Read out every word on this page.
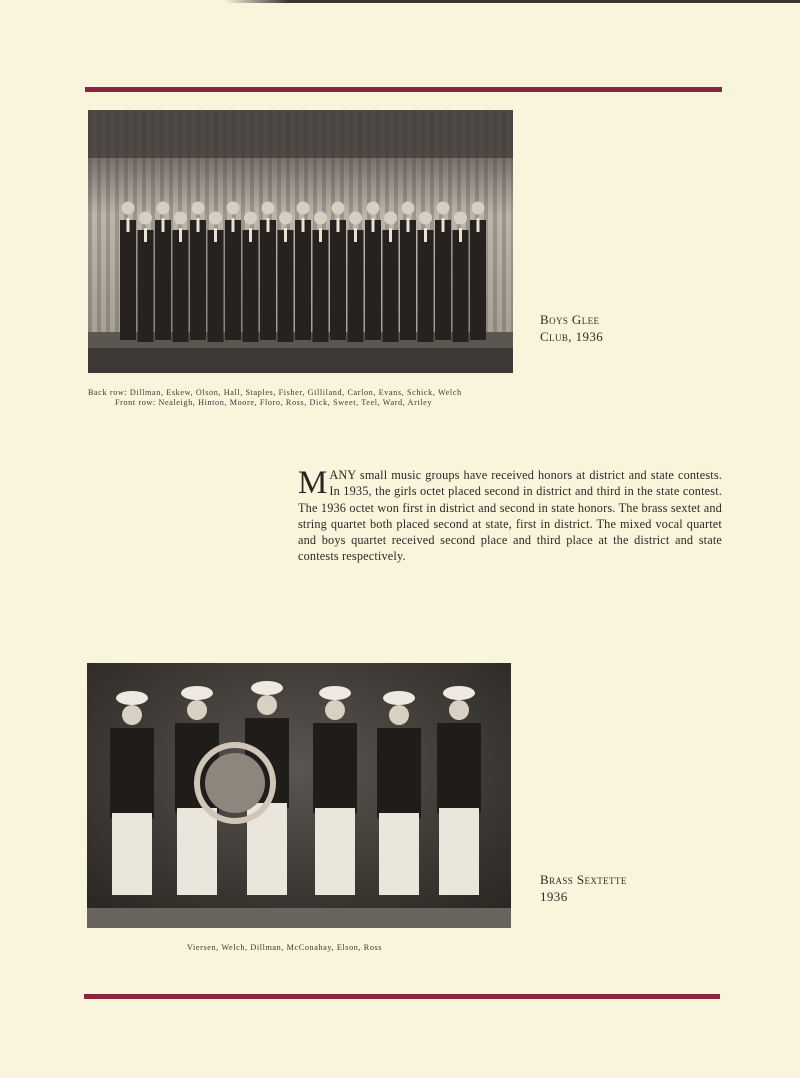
Back row: Dillman, Eskew, Olson, Hall, Staples, Fisher, Gilliland, Carlon, Evans, Schick, Welch
Front row: Nealeigh, Hinton, Moore, Floro, Ross, Dick, Sweet, Teel, Ward, Artley
Boys Glee
Club, 1936
MANY small music groups have received honors at district and state contests. In 1935, the girls octet placed second in district and third in the state contest. The 1936 octet won first in district and second in state honors. The brass sextet and string quartet both placed second at state, first in district. The mixed vocal quartet and boys quartet received second place and third place at the district and state contests respectively.
Viersen, Welch, Dillman, McConahay, Elson, Ross
Brass Sextette
1936
